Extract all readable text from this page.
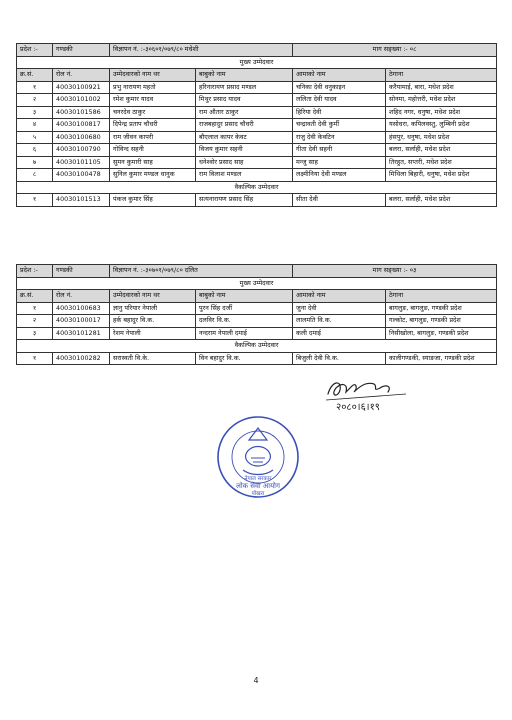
प्रदेश :-	गण्डकी	विज्ञापन नं. :-३०६०१/०७९/८० मधेशी		माग सङ्ख्या :- ०८	
मुख्य उम्मेदवार					
क्र.सं.	रोल नं.	उम्मेदवारको नाम थर	बाबुको नाम	आमाको नाम	ठेगाना
१	40030100921	प्रभु नारायण महतो	हरिनारायण प्रसाद मण्डल	चनिका देवी धनुकाइन	करैयामाई, बारा, मधेश प्रदेश
२	40030101002	रमेश कुमार यादव	मिथुर प्रसाद यादव	ललिता देवी यादव	सोनमा, महोत्तरी, मधेश प्रदेश
३	40030101586	चनरदेव ठाकुर	राम औतार ठाकुर	हिरिया देवी	शहिद नगर, धनुषा, मधेश प्रदेश
४	40030100817	दिपेन्द्र प्रताप चौधरी	राजबहादुर प्रसाद चौधरी	चन्द्रावती देवी कुर्मी	यसोधरा, कपिलवस्तु, लुम्बिनी प्रदेश
५	40030100680	राम जीवन कापरी	बौएलाल कापर केवट	राजु देवी केवटिन	हंसपुर, धनुषा, मधेश प्रदेश
६	40030100790	गोविन्द सहनी	विजय कुमार सहनी	गीता देवी सहनी	बलरा, सर्लाही, मधेश प्रदेश
७	40030101105	सुमन कुमारी साह	धनेश्वोर प्रसाद साह	मन्जु साह	तिरहुत, सप्तरी, मधेश प्रदेश
८	40030100478	सुनिल कुमार मण्डल धानुक	राम विलाश मण्डल	लक्ष्मीनिया देवी मण्डल	मिथिला बिहारी, धनुषा, मधेश प्रदेश
वैकल्पिक उम्मेदवार					
१	40030101513	पंकज कुमार सिंह	सत्यनारायण प्रसाद सिंह	सीता देवी	बलरा, सर्लाही, मधेश प्रदेश
प्रदेश :-	गण्डकी	विज्ञापन नं. :-३०७०१/०७९/८० दलित		माग सङ्ख्या :- ०३	
मुख्य उम्मेदवार					
क्र.सं.	रोल नं.	उम्मेदवारको नाम थर	बाबुको नाम	आमाको नाम	ठेगाना
१	40030100683	ज्ञानु परियार नेपाली	पुरन सिंह दर्जी	जुना देवी	बागलुङ, बागलुङ, गण्डकी प्रदेश
२	40030100017	हर्क बहादुर वि.क.	दलविर वि.क.	लालमति वि.क.	गल्कोट, बागलुङ, गण्डकी प्रदेश
३	40030101281	रेशम नेपाली	नन्दराम नेपाली दमाई	कली दमाई	निसीखोला, बागलुङ, गण्डकी प्रदेश
वैकल्पिक उम्मेदवार					
१	40030100282	सरास्वती वि.के.	विन बहादुर वि.क.	बिजुली देवी वि.क.	कालीगण्डकी, स्याङजा, गण्डकी प्रदेश
२०८०।६।१९
नेपाल सरकार
लोक सेवा आयोग
पोखरा
4
